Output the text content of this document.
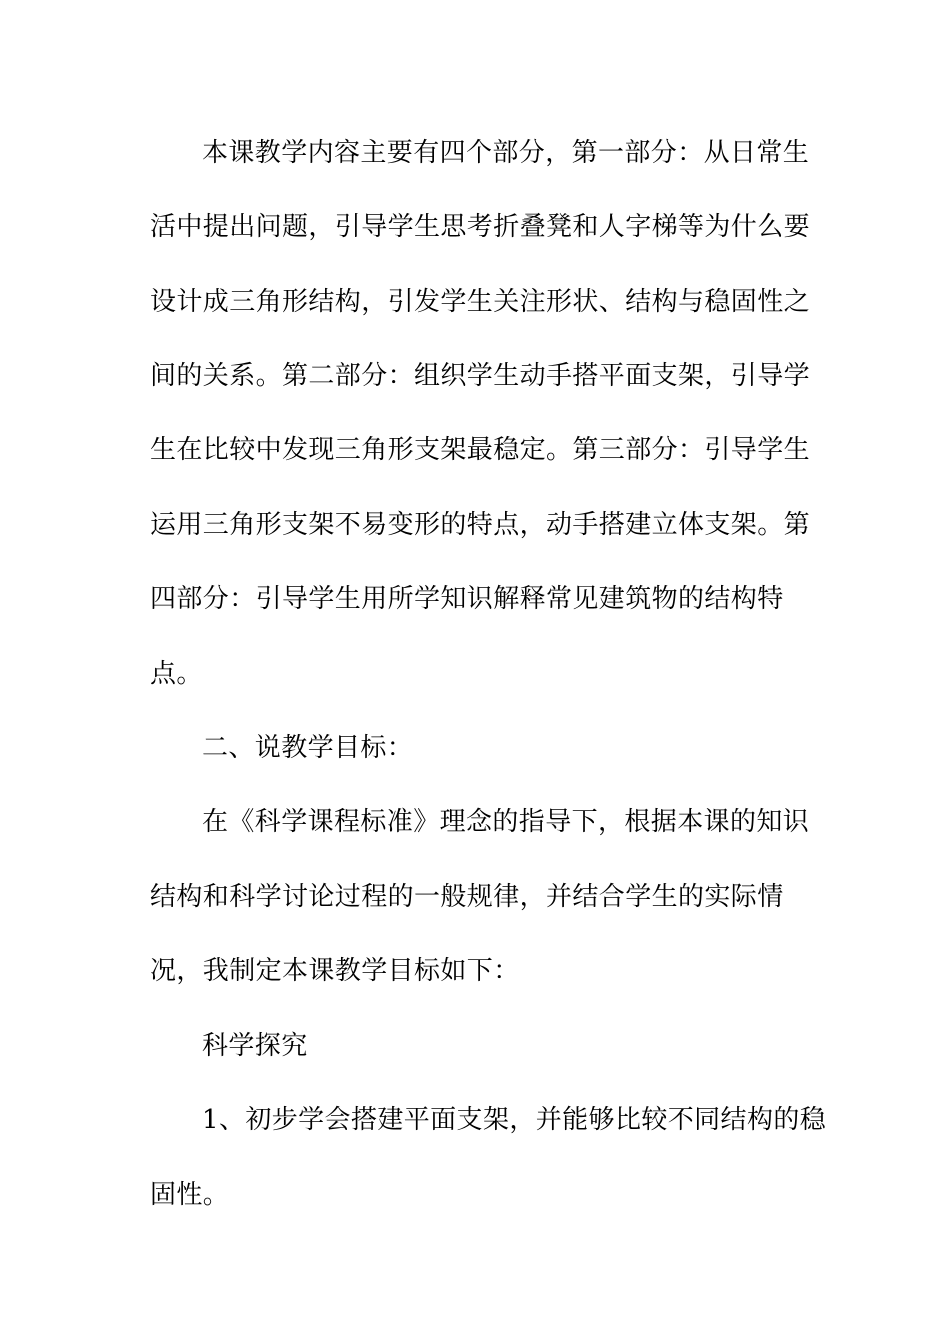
本课教学内容主要有四个部分，第一部分：从日常生
活中提出问题，引导学生思考折叠凳和人字梯等为什么要
设计成三角形结构，引发学生关注形状、结构与稳固性之
间的关系。第二部分：组织学生动手搭平面支架，引导学
生在比较中发现三角形支架最稳定。第三部分：引导学生
运用三角形支架不易变形的特点，动手搭建立体支架。第
四部分：引导学生用所学知识解释常见建筑物的结构特
点。
二、说教学目标：
在《科学课程标准》理念的指导下，根据本课的知识
结构和科学讨论过程的一般规律，并结合学生的实际情
况，我制定本课教学目标如下：
科学探究
1、初步学会搭建平面支架，并能够比较不同结构的稳
固性。
